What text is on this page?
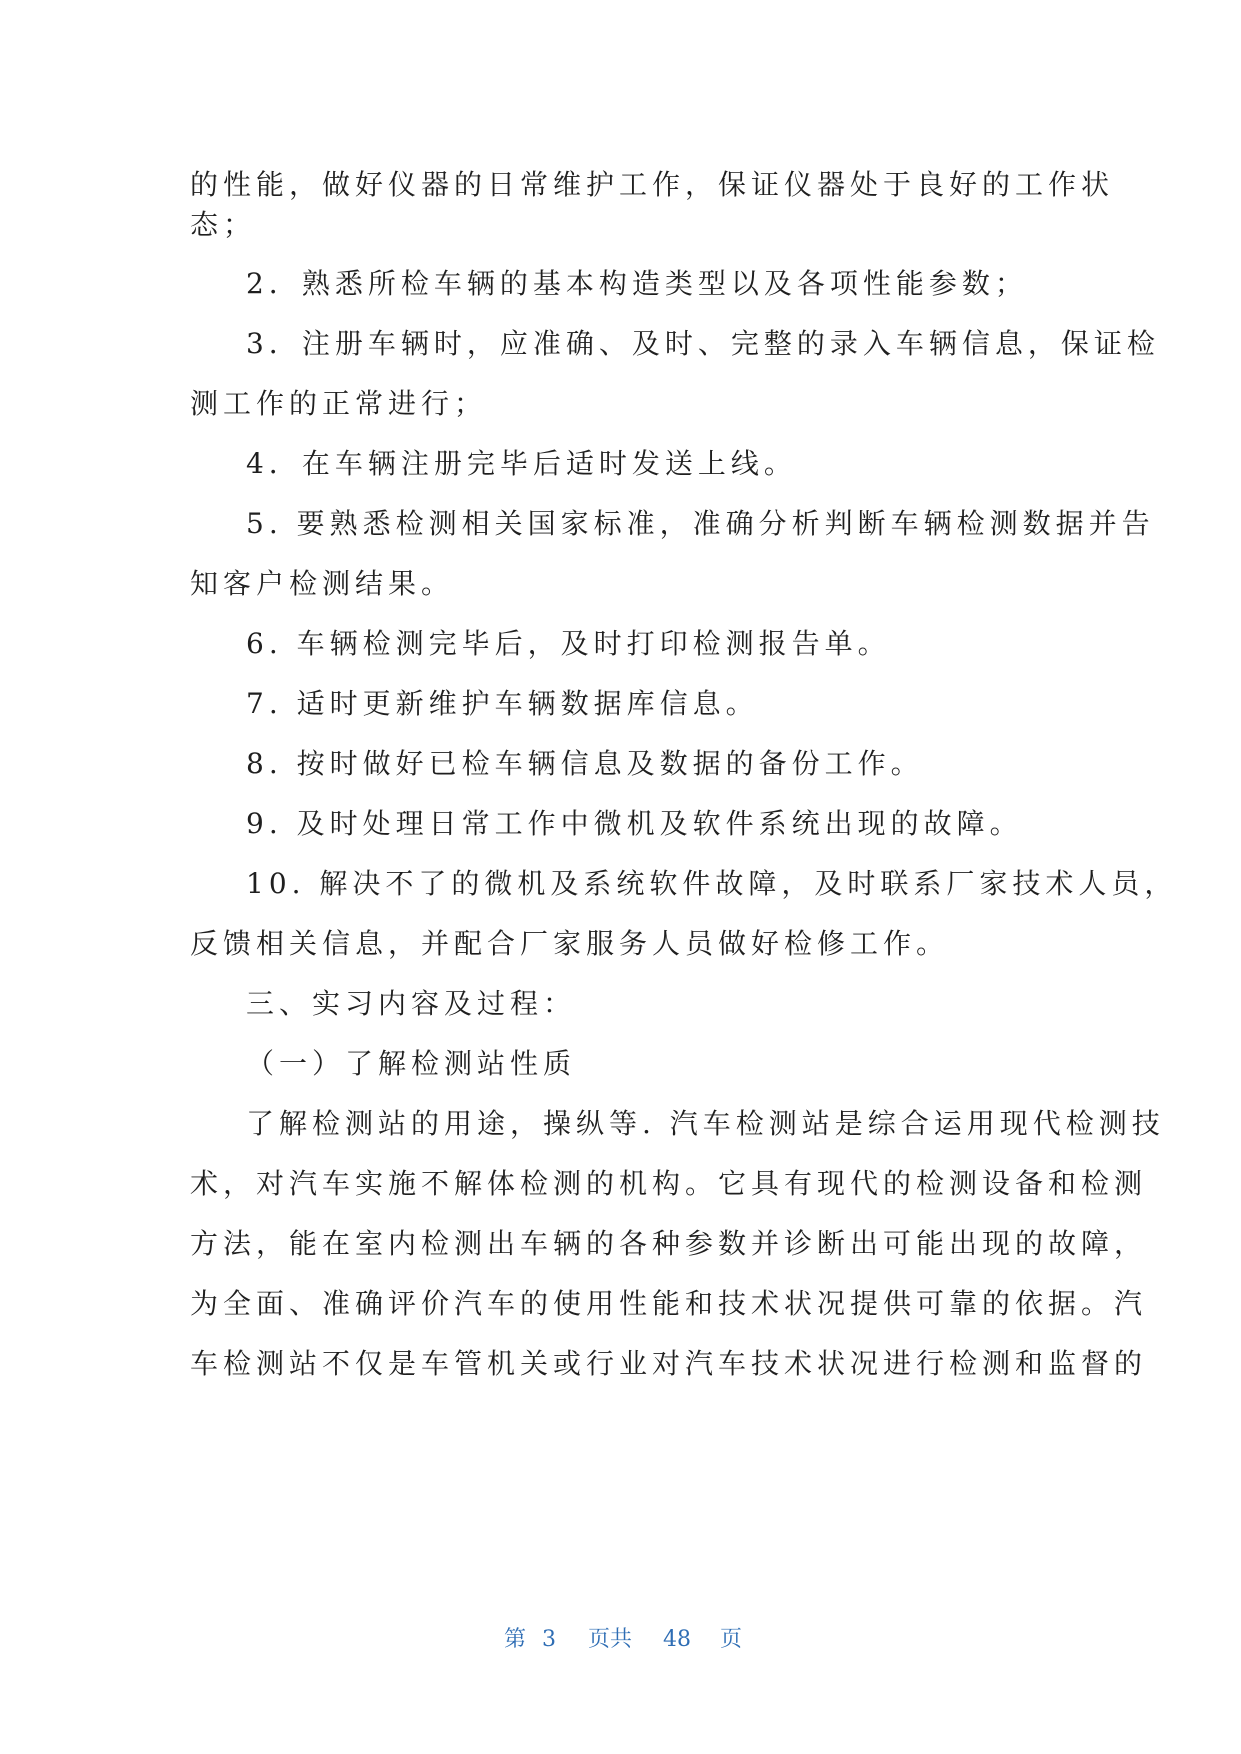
的性能，做好仪器的日常维护工作，保证仪器处于良好的工作状
态；
2．熟悉所检车辆的基本构造类型以及各项性能参数；
3．注册车辆时，应准确、及时、完整的录入车辆信息，保证检
测工作的正常进行；
4．在车辆注册完毕后适时发送上线。
5. 要熟悉检测相关国家标准，准确分析判断车辆检测数据并告
知客户检测结果。
6. 车辆检测完毕后，及时打印检测报告单。
7. 适时更新维护车辆数据库信息。
8. 按时做好已检车辆信息及数据的备份工作。
9. 及时处理日常工作中微机及软件系统出现的故障。
10. 解决不了的微机及系统软件故障，及时联系厂家技术人员，
反馈相关信息，并配合厂家服务人员做好检修工作。
三、实习内容及过程：
（一）了解检测站性质
了解检测站的用途，操纵等. 汽车检测站是综合运用现代检测技
术，对汽车实施不解体检测的机构。它具有现代的检测设备和检测
方法，能在室内检测出车辆的各种参数并诊断出可能出现的故障，
为全面、准确评价汽车的使用性能和技术状况提供可靠的依据。汽
车检测站不仅是车管机关或行业对汽车技术状况进行检测和监督的
第 3 页共 48 页
